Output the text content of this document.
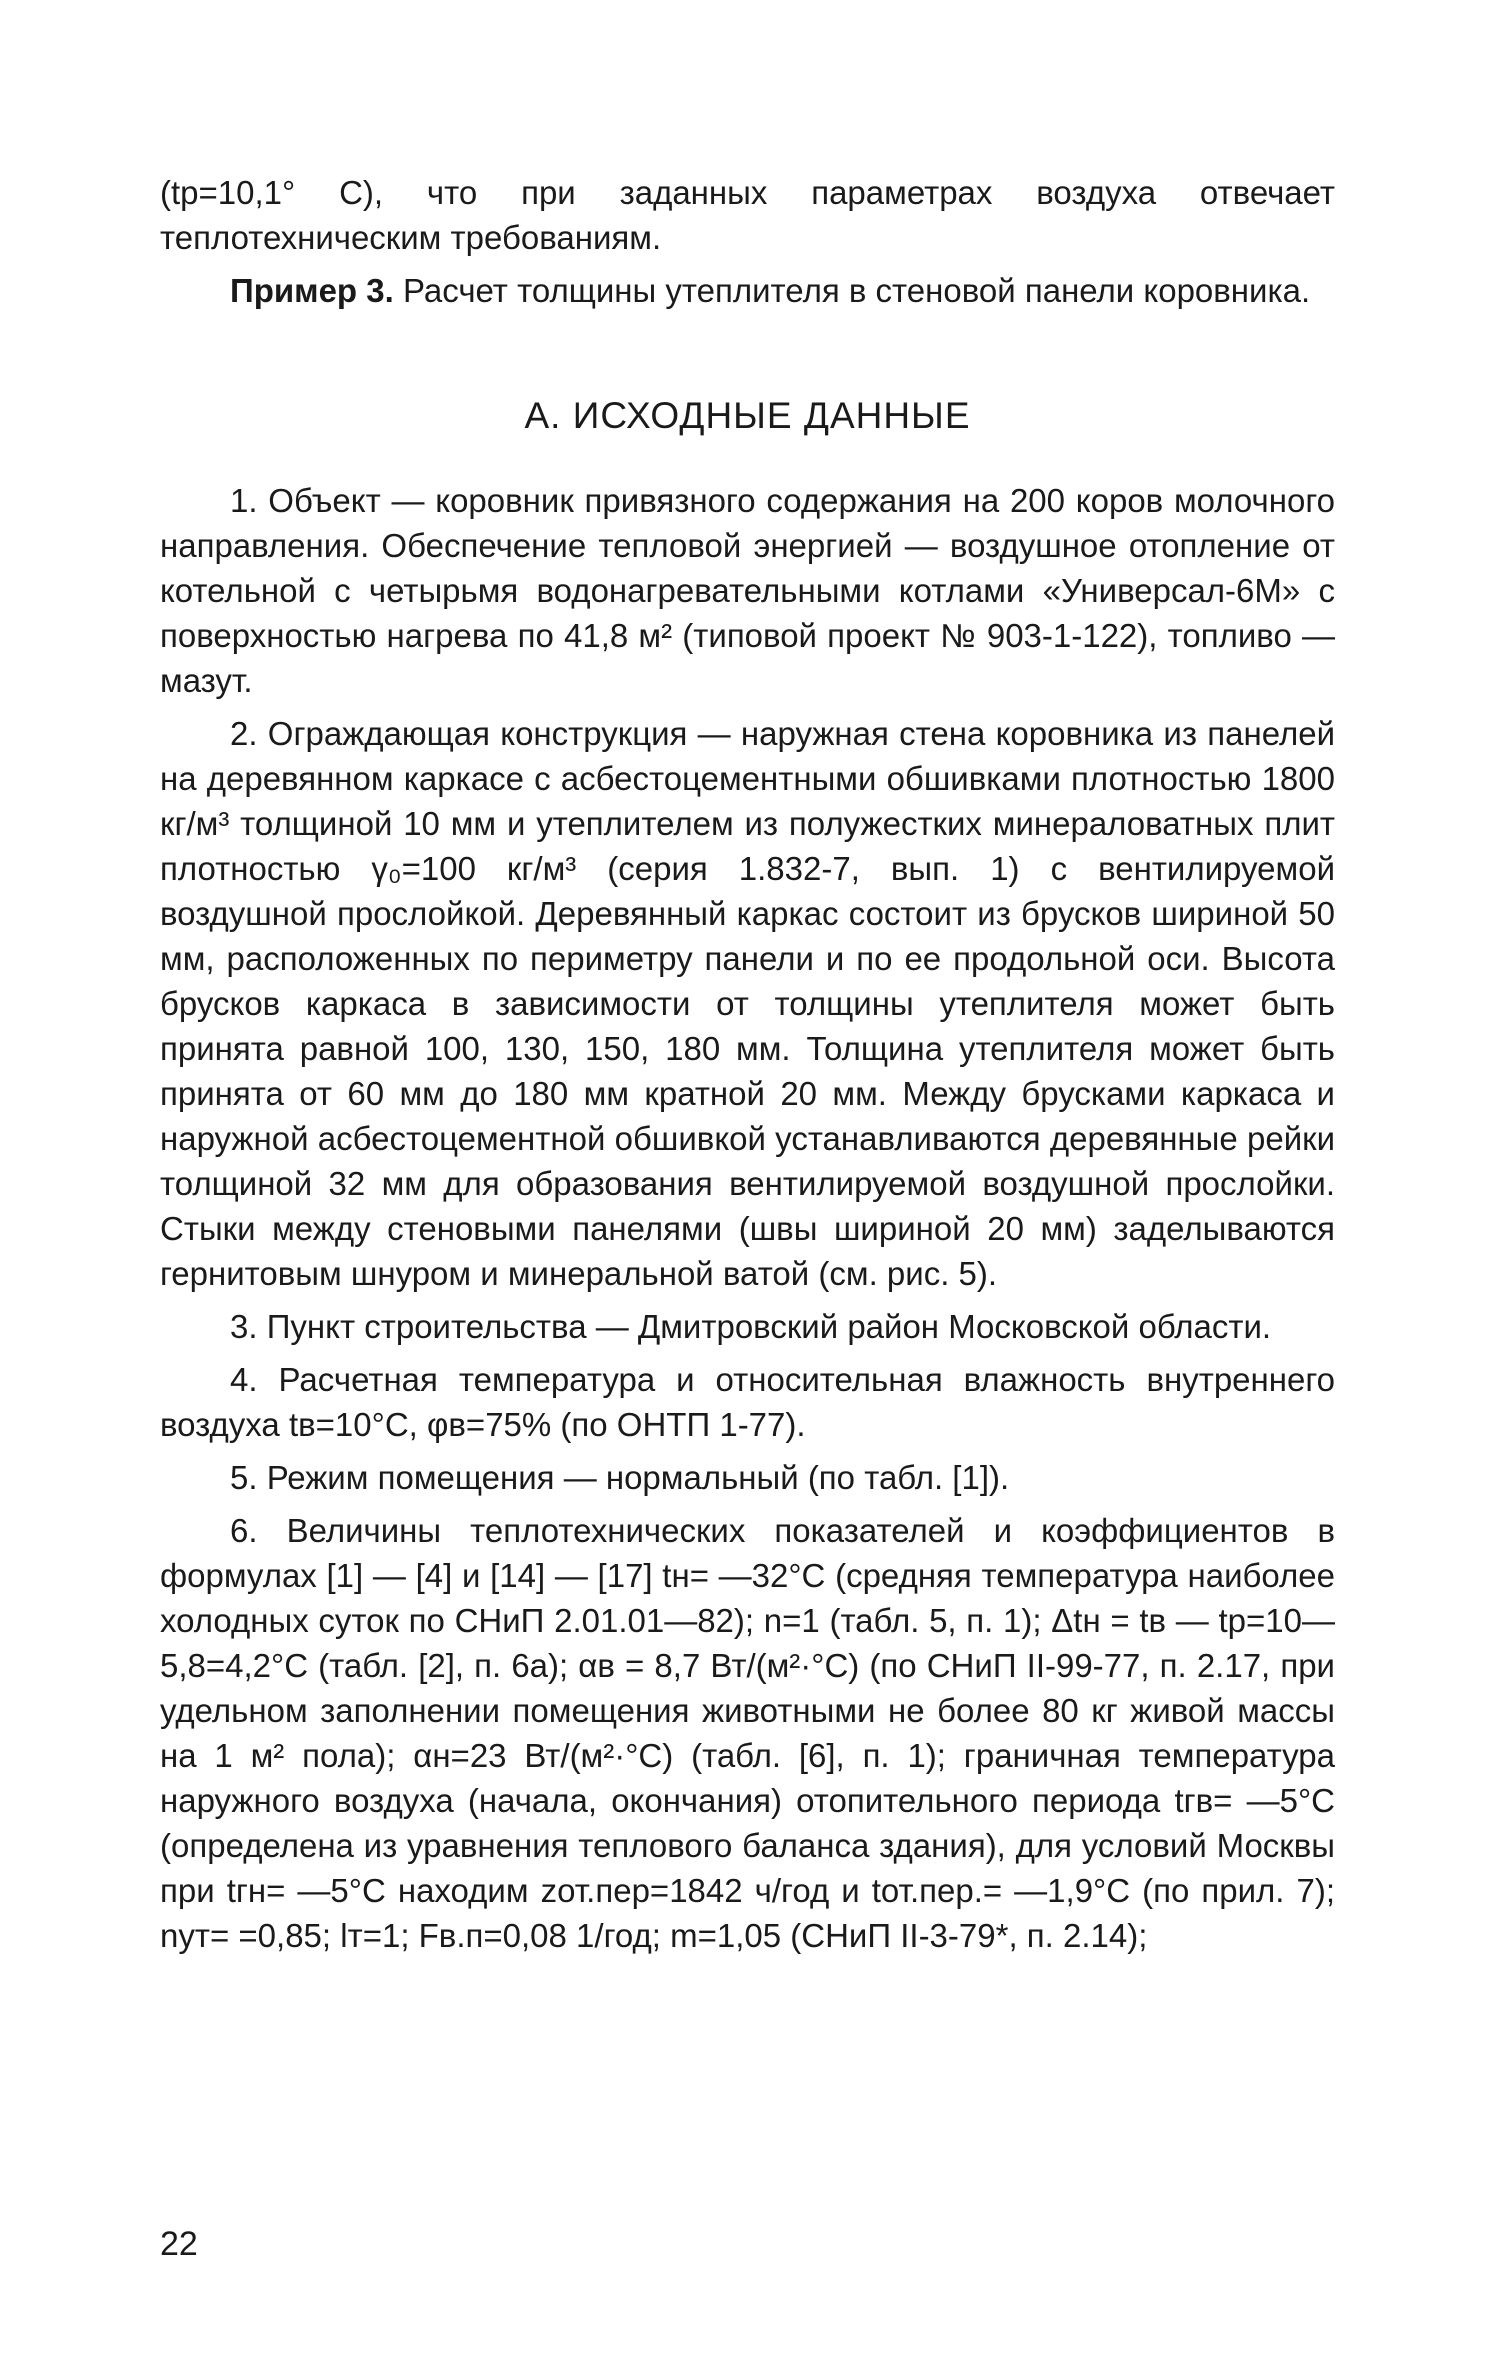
(tр=10,1° С), что при заданных параметрах воздуха отвечает теплотехническим требованиям.

Пример 3. Расчет толщины утеплителя в стеновой панели коровника.

А. ИСХОДНЫЕ ДАННЫЕ

1. Объект — коровник привязного содержания на 200 коров молочного направления. Обеспечение тепловой энергией — воздушное отопление от котельной с четырьмя водонагревательными котлами «Универсал-6М» с поверхностью нагрева по 41,8 м² (типовой проект № 903-1-122), топливо — мазут.

2. Ограждающая конструкция — наружная стена коровника из панелей на деревянном каркасе с асбестоцементными обшивками плотностью 1800 кг/м³ толщиной 10 мм и утеплителем из полужестких минераловатных плит плотностью γ₀=100 кг/м³ (серия 1.832-7, вып. 1) с вентилируемой воздушной прослойкой. Деревянный каркас состоит из брусков шириной 50 мм, расположенных по периметру панели и по ее продольной оси. Высота брусков каркаса в зависимости от толщины утеплителя может быть принята равной 100, 130, 150, 180 мм. Толщина утеплителя может быть принята от 60 мм до 180 мм кратной 20 мм. Между брусками каркаса и наружной асбестоцементной обшивкой устанавливаются деревянные рейки толщиной 32 мм для образования вентилируемой воздушной прослойки. Стыки между стеновыми панелями (швы шириной 20 мм) заделываются гернитовым шнуром и минеральной ватой (см. рис. 5).

3. Пункт строительства — Дмитровский район Московской области.

4. Расчетная температура и относительная влажность внутреннего воздуха tв=10°С, φв=75% (по ОНТП 1-77).

5. Режим помещения — нормальный (по табл. [1]).

6. Величины теплотехнических показателей и коэффициентов в формулах [1] — [4] и [14] — [17] tн= —32°С (средняя температура наиболее холодных суток по СНиП 2.01.01—82); n=1 (табл. 5, п. 1); Δtн = tв — tр=10—5,8=4,2°С (табл. [2], п. 6а); αв = 8,7 Вт/(м²·°С) (по СНиП II-99-77, п. 2.17, при удельном заполнении помещения животными не более 80 кг живой массы на 1 м² пола); αн=23 Вт/(м²·°С) (табл. [6], п. 1); граничная температура наружного воздуха (начала, окончания) отопительного периода tгв= —5°С (определена из уравнения теплового баланса здания), для условий Москвы при tгн= —5°С находим zот.пер=1842 ч/год и tот.пер.= —1,9°С (по прил. 7); nут= =0,85; lт=1; Fв.п=0,08 1/год; m=1,05 (СНиП II-3-79*, п. 2.14);

22
